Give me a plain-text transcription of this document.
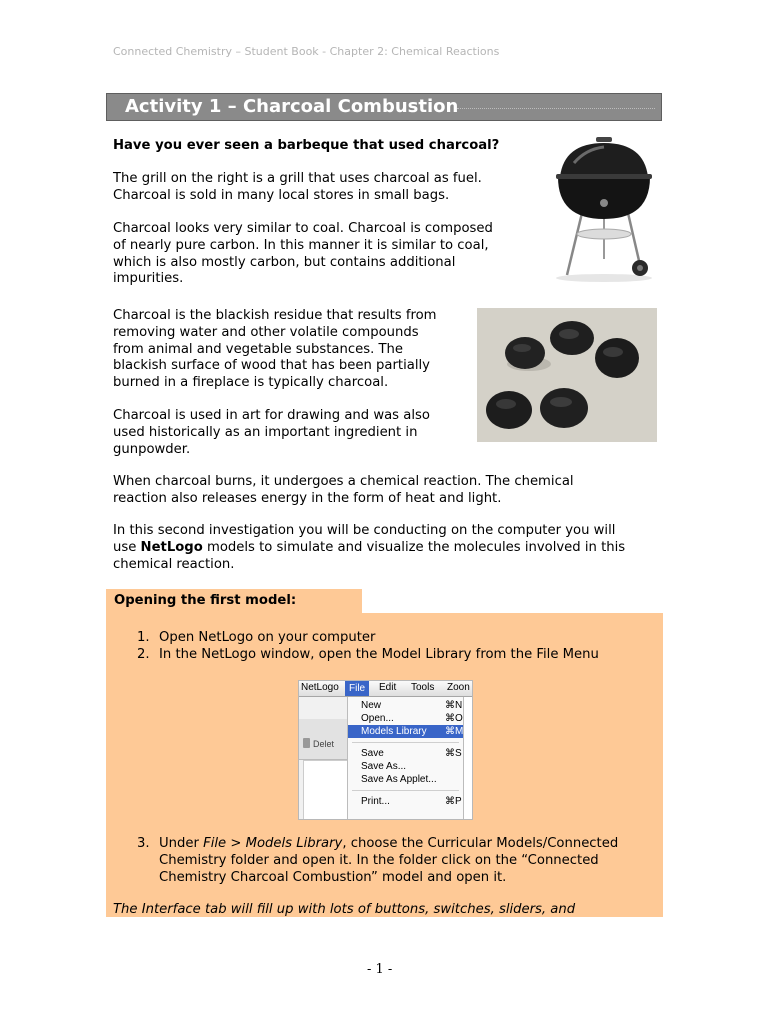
Connected Chemistry – Student Book - Chapter 2: Chemical Reactions
Activity 1 – Charcoal Combustion
Have you ever seen a barbeque that used charcoal?

The grill on the right is a grill that uses charcoal as fuel.

Charcoal is sold in many local stores in small bags.

Charcoal looks very similar to coal. Charcoal is composed

of nearly pure carbon. In this manner it is similar to coal,

which is also mostly carbon, but contains additional

impurities.

Charcoal is the blackish residue that results from

removing water and other volatile compounds

from animal and vegetable substances. The

blackish surface of wood that has been partially

burned in a fireplace is typically charcoal.

Charcoal is used in art for drawing and was also

used historically as an important ingredient in

gunpowder.

When charcoal burns, it undergoes a chemical reaction. The chemical

reaction also releases energy in the form of heat and light.

In this second investigation you will be conducting on the computer you will

use NetLogo models to simulate and visualize the molecules involved in this

chemical reaction.

Opening the first model:
1. Open NetLogo on your computer
2. In the NetLogo window, open the Model Library from the File Menu
NetLogo	File	Edit Tools Zoon
Delet
New	⌘N
Open...	⌘O
Models Library ⌘M
Save	⌘S
Save As...
Save As Applet...
Print...	⌘P
3. Under File > Models Library, choose the Curricular Models/Connected
Chemistry folder and open it. In the folder click on the “Connected
Chemistry Charcoal Combustion” model and open it.
The Interface tab will fill up with lots of buttons, switches, sliders, and
- 1 -
